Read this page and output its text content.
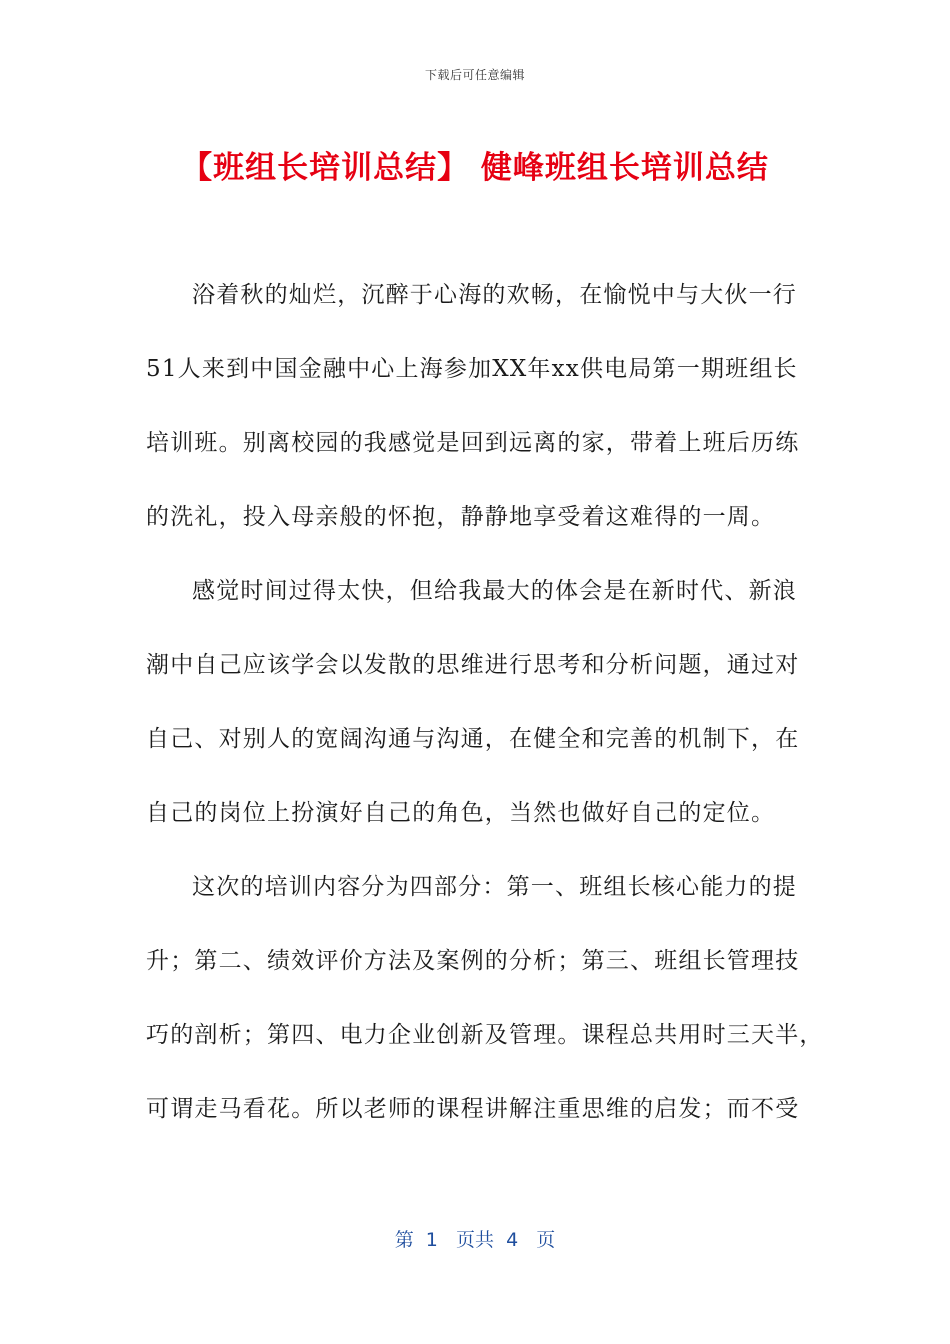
下载后可任意编辑
【班组长培训总结】 健峰班组长培训总结
浴着秋的灿烂，沉醉于心海的欢畅，在愉悦中与大伙一行
51人来到中国金融中心上海参加XX年xx供电局第一期班组长
培训班。别离校园的我感觉是回到远离的家，带着上班后历练
的洗礼，投入母亲般的怀抱，静静地享受着这难得的一周。
感觉时间过得太快，但给我最大的体会是在新时代、新浪
潮中自己应该学会以发散的思维进行思考和分析问题，通过对
自己、对别人的宽阔沟通与沟通，在健全和完善的机制下，在
自己的岗位上扮演好自己的角色，当然也做好自己的定位。
这次的培训内容分为四部分：第一、班组长核心能力的提
升；第二、绩效评价方法及案例的分析；第三、班组长管理技
巧的剖析；第四、电力企业创新及管理。课程总共用时三天半，
可谓走马看花。所以老师的课程讲解注重思维的启发；而不受
第  1   页共  4   页
